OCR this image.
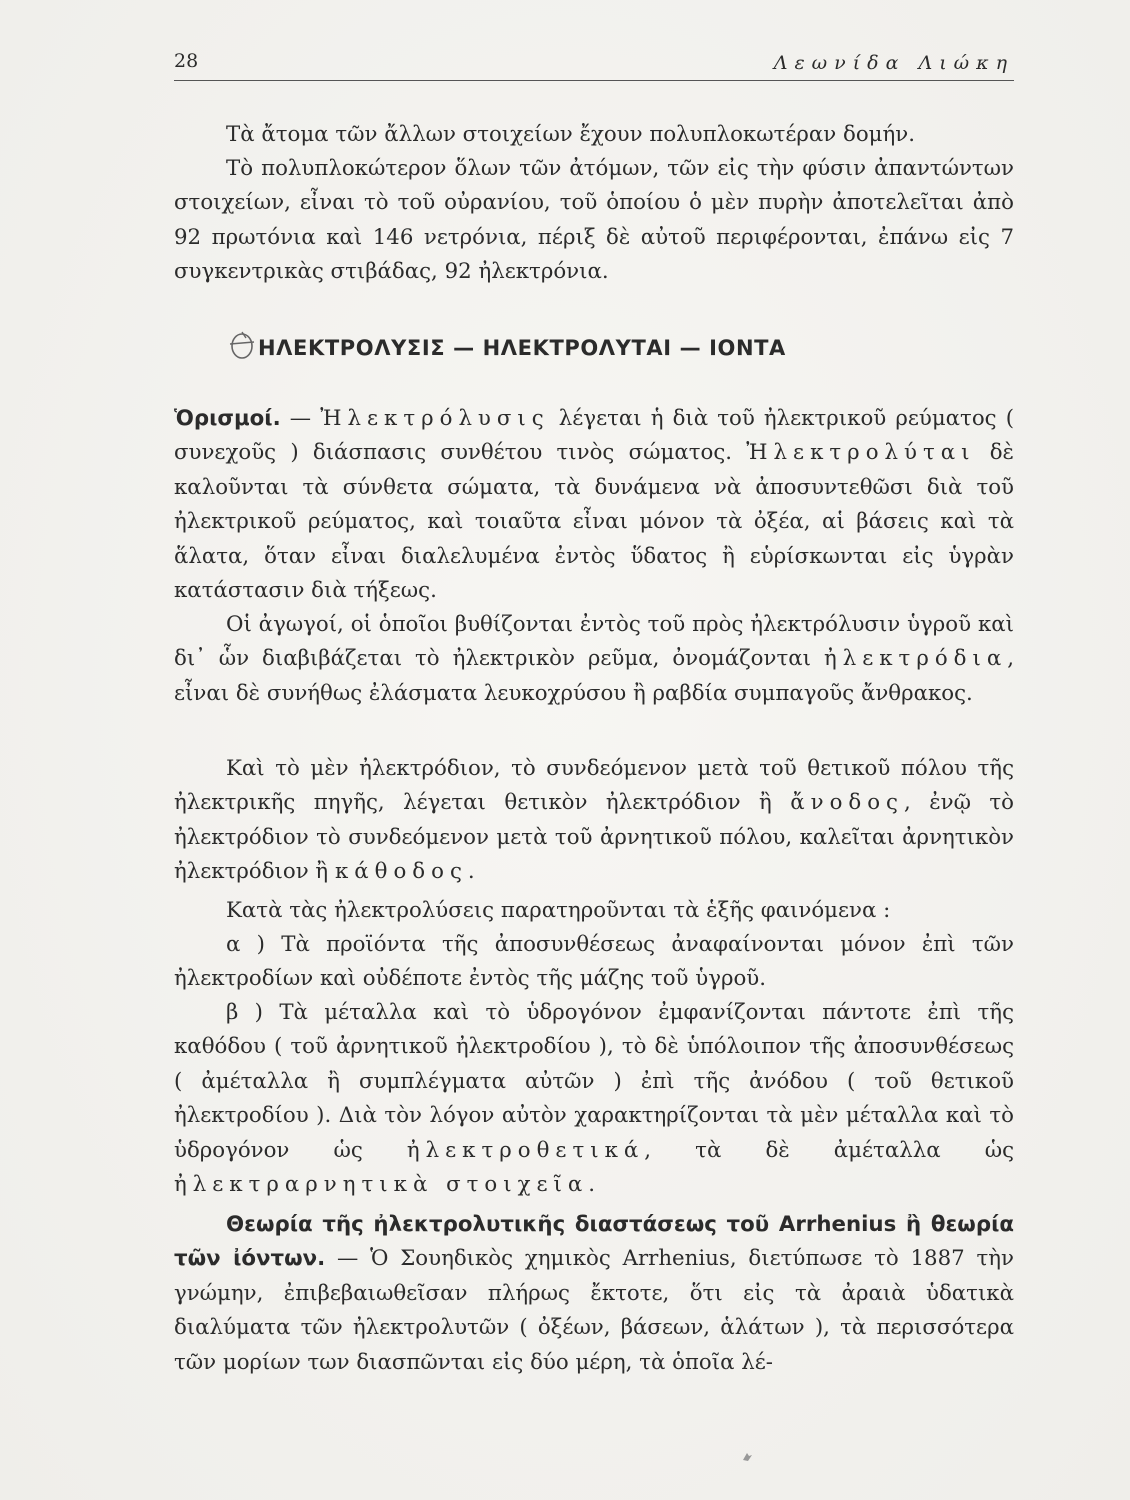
28	Λεωνίδα Λιώκη

Τὰ ἄτομα τῶν ἄλλων στοιχείων ἔχουν πολυπλοκωτέραν δομήν.

Τὸ πολυπλοκώτερον ὅλων τῶν ἀτόμων, τῶν εἰς τὴν φύσιν ἀπαντώντων στοιχείων, εἶναι τὸ τοῦ οὐρανίου, τοῦ ὁποίου ὁ μὲν πυρὴν ἀποτελεῖται ἀπὸ 92 πρωτόνια καὶ 146 νετρόνια, πέριξ δὲ αὐτοῦ περιφέρονται, ἐπάνω εἰς 7 συγκεντρικὰς στιβάδας, 92 ἠλεκτρόνια.

ΗΛΕΚΤΡΟΛΥΣΙΣ — ΗΛΕΚΤΡΟΛΥΤΑΙ — ΙΟΝΤΑ

Ὁρισμοί. — Ἠλεκτρόλυσις λέγεται ἡ διὰ τοῦ ἠλεκτρικοῦ ρεύματος ( συνεχοῦς ) διάσπασις συνθέτου τινὸς σώματος. Ἠλεκτρολύται δὲ καλοῦνται τὰ σύνθετα σώματα, τὰ δυνάμενα νὰ ἀποσυντεθῶσι διὰ τοῦ ἠλεκτρικοῦ ρεύματος, καὶ τοιαῦτα εἶναι μόνον τὰ ὀξέα, αἱ βάσεις καὶ τὰ ἅλατα, ὅταν εἶναι διαλελυμένα ἐντὸς ὕδατος ἢ εὑρίσκωνται εἰς ὑγρὰν κατάστασιν διὰ τήξεως.

Οἱ ἀγωγοί, οἱ ὁποῖοι βυθίζονται ἐντὸς τοῦ πρὸς ἠλεκτρόλυσιν ὑγροῦ καὶ δι᾽ ὧν διαβιβάζεται τὸ ἠλεκτρικὸν ρεῦμα, ὀνομάζονται ἠλεκτρόδια, εἶναι δὲ συνήθως ἐλάσματα λευκοχρύσου ἢ ραβδία συμπαγοῦς ἄνθρακος.

Καὶ τὸ μὲν ἠλεκτρόδιον, τὸ συνδεόμενον μετὰ τοῦ θετικοῦ πόλου τῆς ἠλεκτρικῆς πηγῆς, λέγεται θετικὸν ἠλεκτρόδιον ἢ ἄνοδος, ἐνῷ τὸ ἠλεκτρόδιον τὸ συνδεόμενον μετὰ τοῦ ἀρνητικοῦ πόλου, καλεῖται ἀρνητικὸν ἠλεκτρόδιον ἢ κάθοδος.

Κατὰ τὰς ἠλεκτρολύσεις παρατηροῦνται τὰ ἑξῆς φαινόμενα :

α ) Τὰ προϊόντα τῆς ἀποσυνθέσεως ἀναφαίνονται μόνον ἐπὶ τῶν ἠλεκτροδίων καὶ οὐδέποτε ἐντὸς τῆς μάζης τοῦ ὑγροῦ.

β ) Τὰ μέταλλα καὶ τὸ ὑδρογόνον ἐμφανίζονται πάντοτε ἐπὶ τῆς καθόδου ( τοῦ ἀρνητικοῦ ἠλεκτροδίου ), τὸ δὲ ὑπόλοιπον τῆς ἀποσυνθέσεως ( ἀμέταλλα ἢ συμπλέγματα αὐτῶν ) ἐπὶ τῆς ἀνόδου ( τοῦ θετικοῦ ἠλεκτροδίου ). Διὰ τὸν λόγον αὐτὸν χαρακτηρίζονται τὰ μὲν μέταλλα καὶ τὸ ὑδρογόνον ὡς ἠλεκτροθετικά, τὰ δὲ ἀμέταλλα ὡς ἠλεκτραρνητικὰ στοιχεῖα.

Θεωρία τῆς ἠλεκτρολυτικῆς διαστάσεως τοῦ Arrhenius ἢ θεωρία τῶν ἰόντων. — Ὁ Σουηδικὸς χημικὸς Arrhenius, διετύπωσε τὸ 1887 τὴν γνώμην, ἐπιβεβαιωθεῖσαν πλήρως ἔκτοτε, ὅτι εἰς τὰ ἀραιὰ ὑδατικὰ διαλύματα τῶν ἠλεκτρολυτῶν ( ὀξέων, βάσεων, ἁλάτων ), τὰ περισσότερα τῶν μορίων των διασπῶνται εἰς δύο μέρη, τὰ ὁποῖα λέ-
